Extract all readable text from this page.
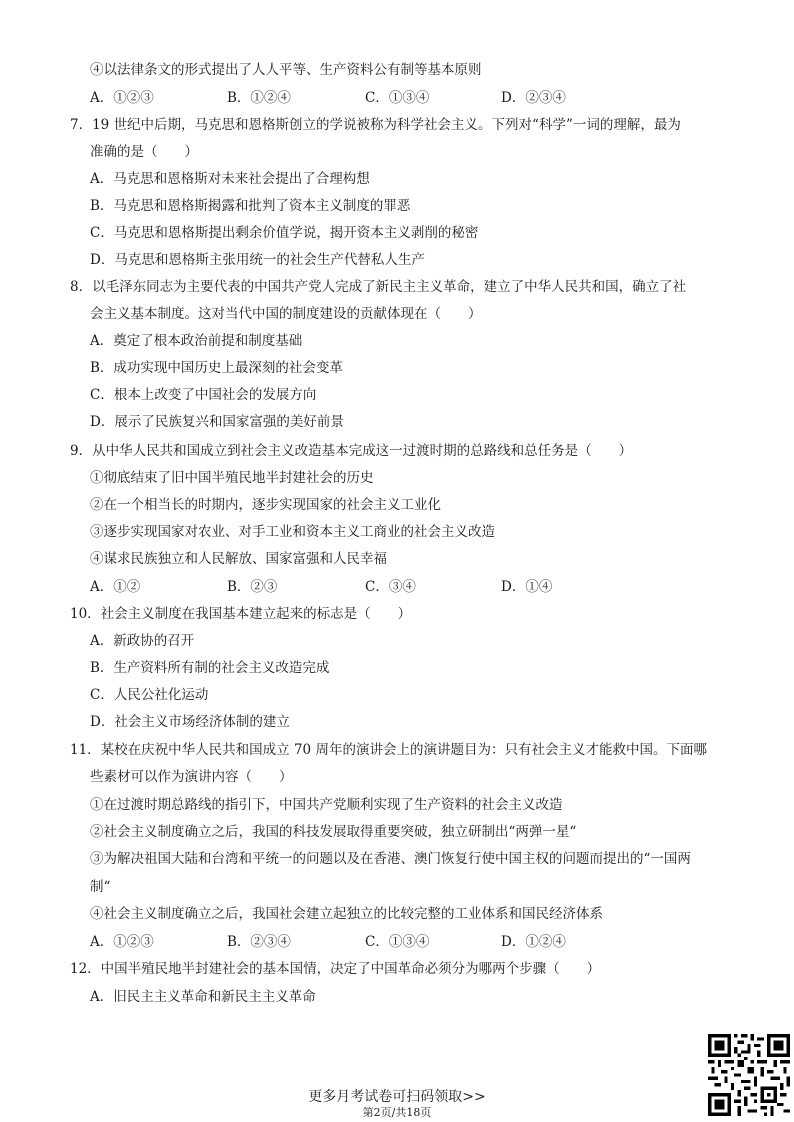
④以法律条文的形式提出了人人平等、生产资料公有制等基本原则
A．①②③	B．①②④	C．①③④	D．②③④
7．19 世纪中后期，马克思和恩格斯创立的学说被称为科学社会主义。下列对“科学”一词的理解，最为
准确的是（　　）
A．马克思和恩格斯对未来社会提出了合理构想
B．马克思和恩格斯揭露和批判了资本主义制度的罪恶
C．马克思和恩格斯提出剩余价值学说，揭开资本主义剥削的秘密
D．马克思和恩格斯主张用统一的社会生产代替私人生产
8．以毛泽东同志为主要代表的中国共产党人完成了新民主主义革命，建立了中华人民共和国，确立了社
会主义基本制度。这对当代中国的制度建设的贡献体现在（　　）
A．奠定了根本政治前提和制度基础
B．成功实现中国历史上最深刻的社会变革
C．根本上改变了中国社会的发展方向
D．展示了民族复兴和国家富强的美好前景
9．从中华人民共和国成立到社会主义改造基本完成这一过渡时期的总路线和总任务是（　　）
①彻底结束了旧中国半殖民地半封建社会的历史
②在一个相当长的时期内，逐步实现国家的社会主义工业化
③逐步实现国家对农业、对手工业和资本主义工商业的社会主义改造
④谋求民族独立和人民解放、国家富强和人民幸福
A．①②	B．②③	C．③④	D．①④
10．社会主义制度在我国基本建立起来的标志是（　　）
A．新政协的召开
B．生产资料所有制的社会主义改造完成
C．人民公社化运动
D．社会主义市场经济体制的建立
11．某校在庆祝中华人民共和国成立 70 周年的演讲会上的演讲题目为：只有社会主义才能救中国。下面哪
些素材可以作为演讲内容（　　）
①在过渡时期总路线的指引下，中国共产党顺利实现了生产资料的社会主义改造
②社会主义制度确立之后，我国的科技发展取得重要突破，独立研制出“两弹一星“
③为解决祖国大陆和台湾和平统一的问题以及在香港、澳门恢复行使中国主权的问题而提出的“一国两
制“
④社会主义制度确立之后，我国社会建立起独立的比较完整的工业体系和国民经济体系
A．①②③	B．②③④	C．①③④	D．①②④
12．中国半殖民地半封建社会的基本国情，决定了中国革命必须分为哪两个步骤（　　）
A．旧民主主义革命和新民主主义革命
更多月考试卷可扫码领取>>
第2页/共18页
